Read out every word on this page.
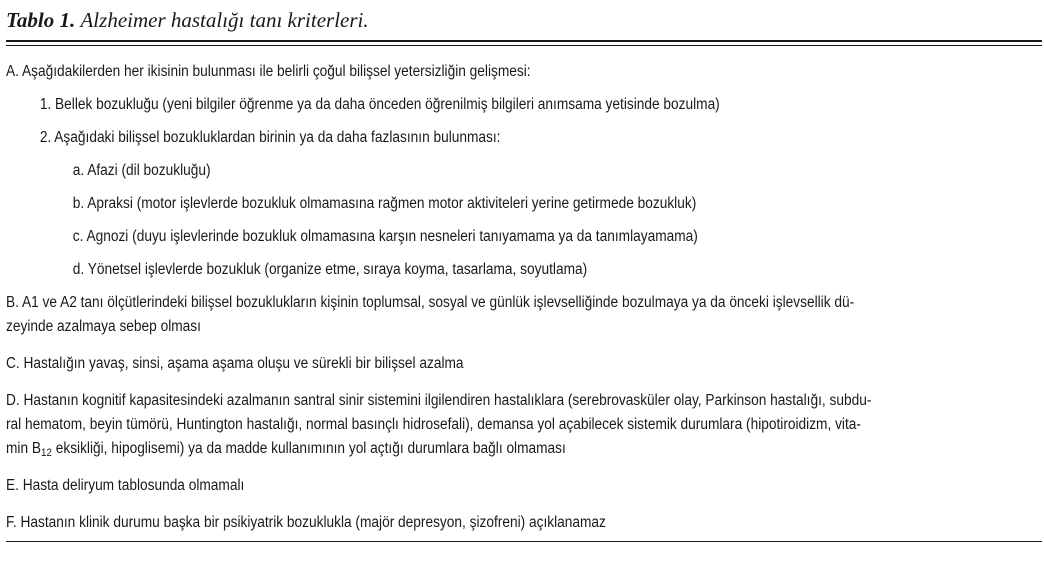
Tablo 1. Alzheimer hastalığı tanı kriterleri.
A. Aşağıdakilerden her ikisinin bulunması ile belirli çoğul bilişsel yetersizliğin gelişmesi:
1. Bellek bozukluğu (yeni bilgiler öğrenme ya da daha önceden öğrenilmiş bilgileri anımsama yetisinde bozulma)
2. Aşağıdaki bilişsel bozukluklardan birinin ya da daha fazlasının bulunması:
a. Afazi (dil bozukluğu)
b. Apraksi (motor işlevlerde bozukluk olmamasına rağmen motor aktiviteleri yerine getirmede bozukluk)
c. Agnozi (duyu işlevlerinde bozukluk olmamasına karşın nesneleri tanıyamama ya da tanımlayamama)
d. Yönetsel işlevlerde bozukluk (organize etme, sıraya koyma, tasarlama, soyutlama)
B. A1 ve A2 tanı ölçütlerindeki bilişsel bozuklukların kişinin toplumsal, sosyal ve günlük işlevselliğinde bozulmaya ya da önceki işlevsellik dü-
zeyinde azalmaya sebep olması
C. Hastalığın yavaş, sinsi, aşama aşama oluşu ve sürekli bir bilişsel azalma
D. Hastanın kognitif kapasitesindeki azalmanın santral sinir sistemini ilgilendiren hastalıklara (serebrovasküler olay, Parkinson hastalığı, subdu-
ral hematom, beyin tümörü, Huntington hastalığı, normal basınçlı hidrosefali), demansa yol açabilecek sistemik durumlara (hipotiroidizm, vita-
$\min B_{12}$ eksikliği, hipoglisemi) ya da madde kullanımının yol açtığı durumlara bağlı olmaması
E. Hasta deliryum tablosunda olmamalı
F. Hastanın klinik durumu başka bir psikiyatrik bozuklukla (majör depresyon, şizofreni) açıklanamaz
